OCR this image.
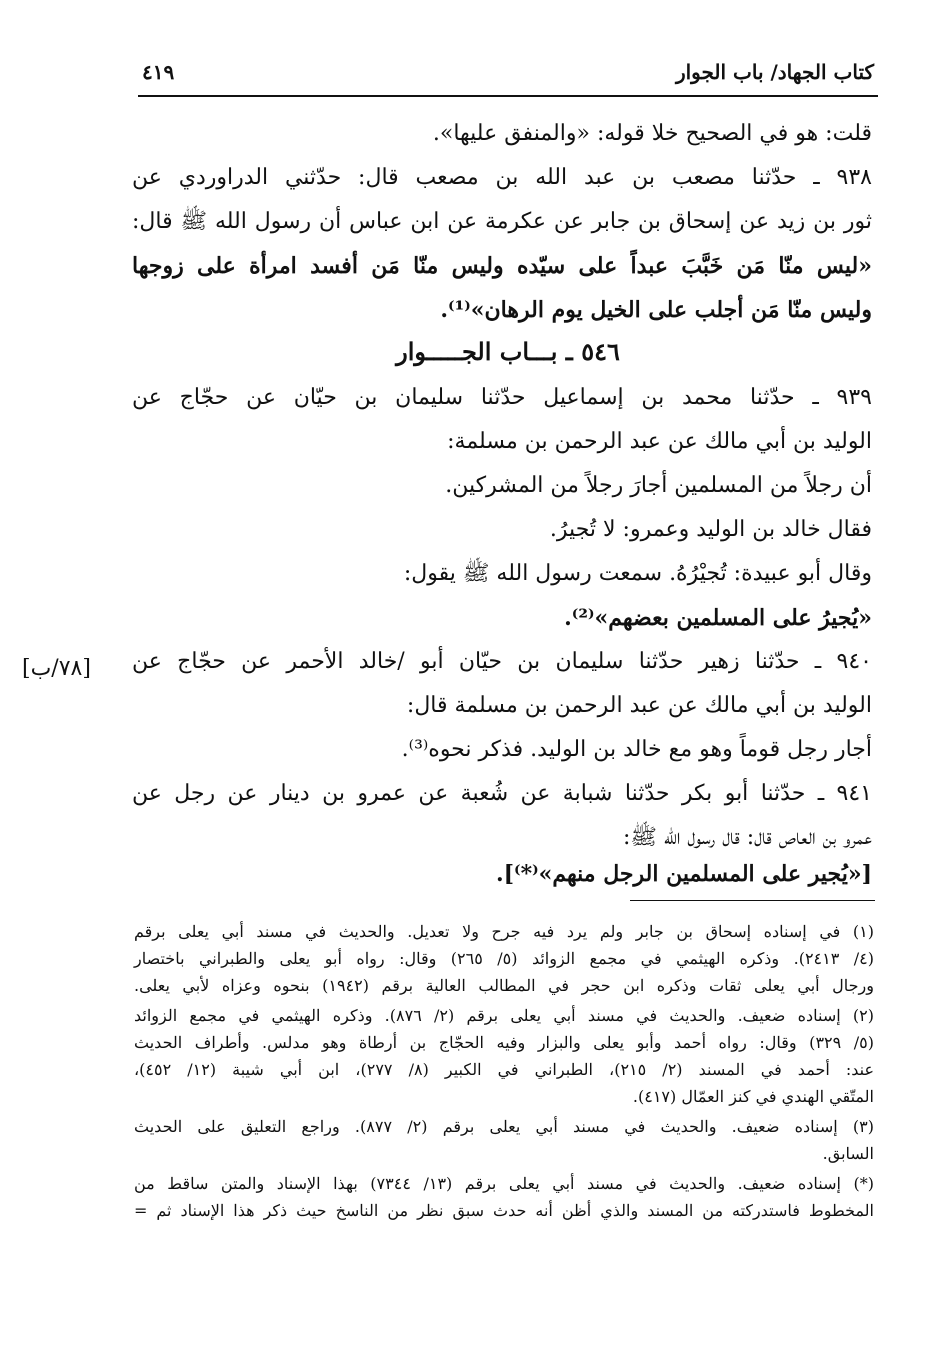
كتاب الجهاد/ باب الجوار
٤١٩
قلت: هو في الصحيح خلا قوله: «والمنفق عليها».
٩٣٨ ـ حدّثنا مصعب بن عبد الله بن مصعب قال: حدّثني الدراوردي عن
ثور بن زيد عن إسحاق بن جابر عن عكرمة عن ابن عباس أن رسول الله ﷺ قال:
«ليس منّا مَن خَبَّبَ عبداً على سيّده وليس منّا مَن أفسد امرأة على زوجها
وليس منّا مَن أجلب على الخيل يوم الرهان»⁽¹⁾.
٥٤٦ ـ بـــاب الجـــــوار
٩٣٩ ـ حدّثنا محمد بن إسماعيل حدّثنا سليمان بن حيّان عن حجّاج عن
الوليد بن أبي مالك عن عبد الرحمن بن مسلمة:
أن رجلاً من المسلمين أجارَ رجلاً من المشركين.
فقال خالد بن الوليد وعمرو: لا تُجيرُ.
وقال أبو عبيدة: تُجيْرُهُ. سمعت رسول الله ﷺ يقول:
«يُجيرُ على المسلمين بعضهم»⁽²⁾.
٩٤٠ ـ حدّثنا زهير حدّثنا سليمان بن حيّان أبو /خالد الأحمر عن حجّاج عن
[٧٨/ب]
الوليد بن أبي مالك عن عبد الرحمن بن مسلمة قال:
أجار رجل قوماً وهو مع خالد بن الوليد. فذكر نحوه⁽³⁾.
٩٤١ ـ حدّثنا أبو بكر حدّثنا شبابة عن شُعبة عن عمرو بن دينار عن رجل عن
عمرو بن العاص قال: قال رسول الله ﷺ:
[«يُجير على المسلمين الرجل منهم»⁽*⁾].
(١) في إسناده إسحاق بن جابر ولم يرد فيه جرح ولا تعديل. والحديث في مسند أبي يعلى برقم
(٤/ ٢٤١٣). وذكره الهيثمي في مجمع الزوائد (٥/ ٢٦٥) وقال: رواه أبو يعلى والطبراني باختصار
ورجال أبي يعلى ثقات وذكره ابن حجر في المطالب العالية برقم (١٩٤٢) بنحوه وعزاه لأبي يعلى.
(٢) إسناده ضعيف. والحديث في مسند أبي يعلى برقم (٢/ ٨٧٦). وذكره الهيثمي في مجمع الزوائد
(٥/ ٣٢٩) وقال: رواه أحمد وأبو يعلى والبزار وفيه الحجّاج بن أرطاة وهو مدلس. وأطراف الحديث
عند: أحمد في المسند (٢/ ٢١٥)، الطبراني في الكبير (٨/ ٢٧٧)، ابن أبي شيبة (١٢/ ٤٥٢)،
المتّقي الهندي في كنز العمّال (٤١٧).
(٣) إسناده ضعيف. والحديث في مسند أبي يعلى برقم (٢/ ٨٧٧). وراجع التعليق على الحديث
السابق.
(*) إسناده ضعيف. والحديث في مسند أبي يعلى برقم (١٣/ ٧٣٤٤) بهذا الإسناد والمتن ساقط من
المخطوط فاستدركته من المسند والذي أظن أنه حدث سبق نظر من الناسخ حيث ذكر هذا الإسناد ثم =
